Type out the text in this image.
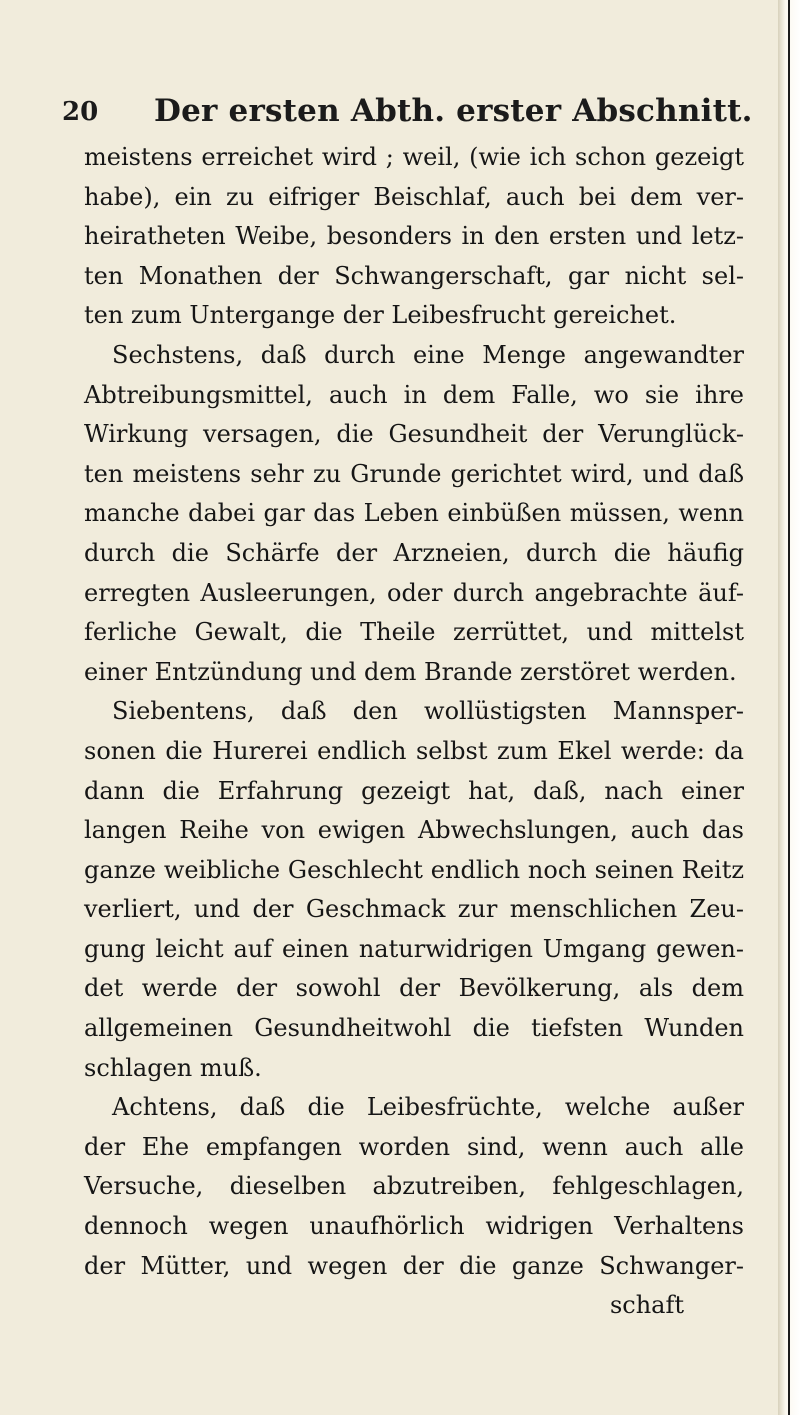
20 Der ersten Abth. erster Abschnitt.
meistens erreichet wird ; weil, (wie ich schon gezeigt
habe), ein zu eifriger Beischlaf, auch bei dem ver-
heiratheten Weibe, besonders in den ersten und letz-
ten Monathen der Schwangerschaft, gar nicht sel-
ten zum Untergange der Leibesfrucht gereichet.
Sechstens, daß durch eine Menge angewandter
Abtreibungsmittel, auch in dem Falle, wo sie ihre
Wirkung versagen, die Gesundheit der Verunglück-
ten meistens sehr zu Grunde gerichtet wird, und daß
manche dabei gar das Leben einbüßen müssen, wenn
durch die Schärfe der Arzneien, durch die häufig
erregten Ausleerungen, oder durch angebrachte äuf-
ferliche Gewalt, die Theile zerrüttet, und mittelst
einer Entzündung und dem Brande zerstöret werden.
Siebentens, daß den wollüstigsten Mannsper-
sonen die Hurerei endlich selbst zum Ekel werde: da
dann die Erfahrung gezeigt hat, daß, nach einer
langen Reihe von ewigen Abwechslungen, auch das
ganze weibliche Geschlecht endlich noch seinen Reitz
verliert, und der Geschmack zur menschlichen Zeu-
gung leicht auf einen naturwidrigen Umgang gewen-
det werde der sowohl der Bevölkerung, als dem
allgemeinen Gesundheitwohl die tiefsten Wunden
schlagen muß.
Achtens, daß die Leibesfrüchte, welche außer
der Ehe empfangen worden sind, wenn auch alle
Versuche, dieselben abzutreiben, fehlgeschlagen,
dennoch wegen unaufhörlich widrigen Verhaltens
der Mütter, und wegen der die ganze Schwanger-
schaft
